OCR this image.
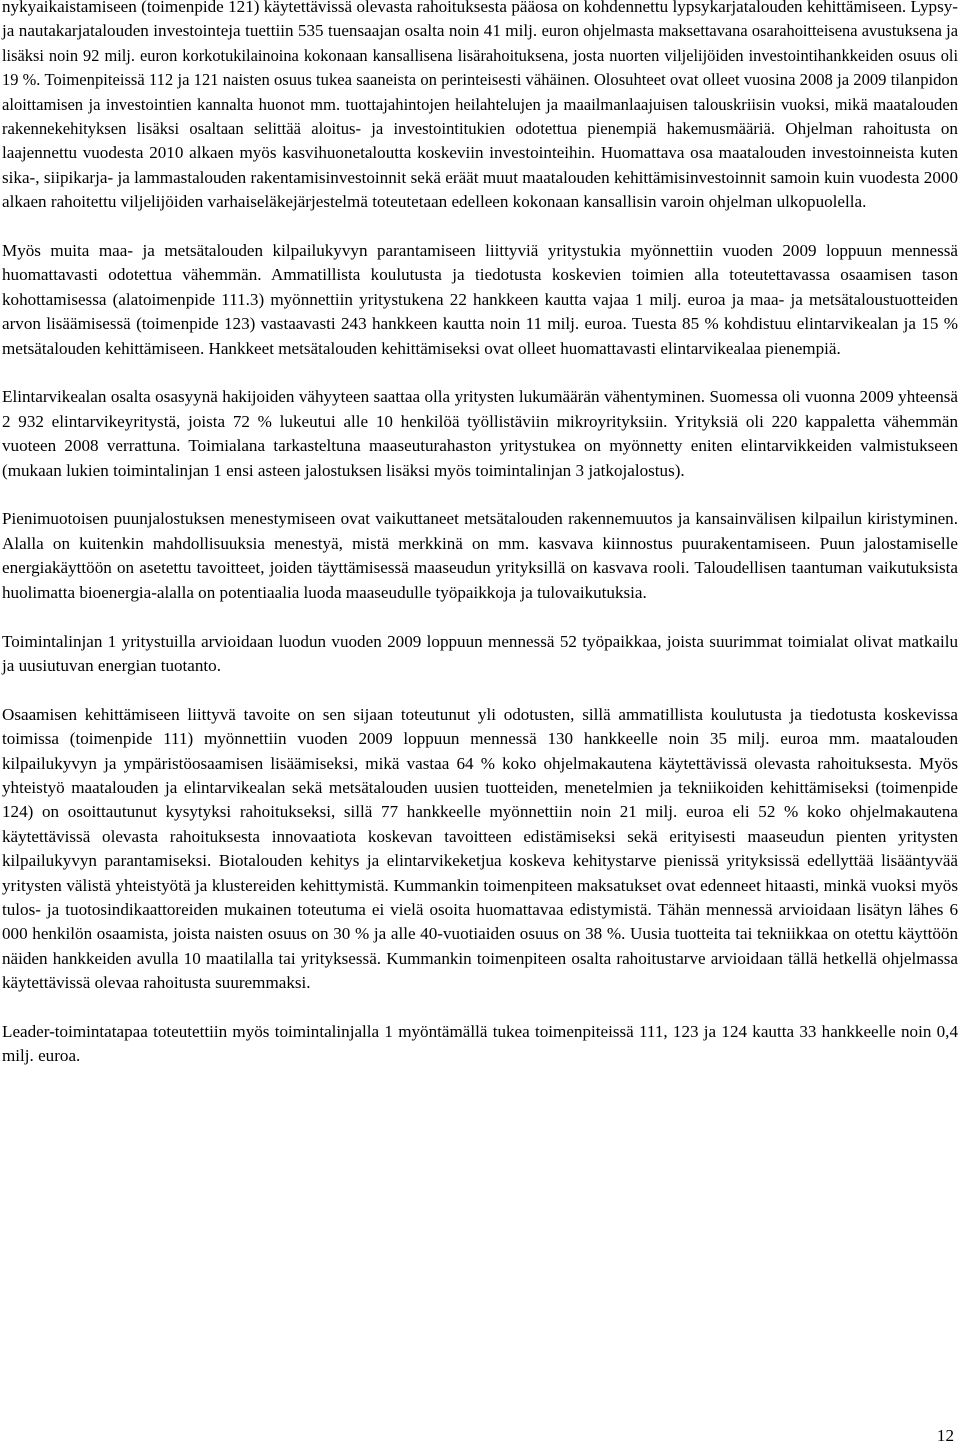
nykyaikaistamiseen (toimenpide 121) käytettävissä olevasta rahoituksesta pääosa on kohdennettu lypsykarjatalouden kehittämiseen. Lypsy- ja nautakarjatalouden investointeja tuettiin 535 tuensaajan osalta noin 41 milj. euron ohjelmasta maksettavana osarahoitteisena avustuksena ja lisäksi noin 92 milj. euron korkotukilainoina kokonaan kansallisena lisärahoituksena, josta nuorten viljelijöiden investointihankkeiden osuus oli 19 %. Toimenpiteissä 112 ja 121 naisten osuus tukea saaneista on perinteisesti vähäinen. Olosuhteet ovat olleet vuosina 2008 ja 2009 tilanpidon aloittamisen ja investointien kannalta huonot mm. tuottajahintojen heilahtelujen ja maailmanlaajuisen talouskriisin vuoksi, mikä maatalouden rakennekehityksen lisäksi osaltaan selittää aloitus- ja investointitukien odotettua pienempiä hakemusmääriä. Ohjelman rahoitusta on laajennettu vuodesta 2010 alkaen myös kasvihuonetaloutta koskeviin investointeihin. Huomattava osa maatalouden investoinneista kuten sika-, siipikarja- ja lammastalouden rakentamisinvestoinnit sekä eräät muut maatalouden kehittämisinvestoinnit samoin kuin vuodesta 2000 alkaen rahoitettu viljelijöiden varhaiseläkejärjestelmä toteutetaan edelleen kokonaan kansallisin varoin ohjelman ulkopuolella.

Myös muita maa- ja metsätalouden kilpailukyvyn parantamiseen liittyviä yritystukia myönnettiin vuoden 2009 loppuun mennessä huomattavasti odotettua vähemmän. Ammatillista koulutusta ja tiedotusta koskevien toimien alla toteutettavassa osaamisen tason kohottamisessa (alatoimenpide 111.3) myönnettiin yritystukena 22 hankkeen kautta vajaa 1 milj. euroa ja maa- ja metsätaloustuotteiden arvon lisäämisessä (toimenpide 123) vastaavasti 243 hankkeen kautta noin 11 milj. euroa. Tuesta 85 % kohdistuu elintarvikealan ja 15 % metsätalouden kehittämiseen. Hankkeet metsätalouden kehittämiseksi ovat olleet huomattavasti elintarvikealaa pienempiä.

Elintarvikealan osalta osasyynä hakijoiden vähyyteen saattaa olla yritysten lukumäärän vähentyminen. Suomessa oli vuonna 2009 yhteensä 2 932 elintarvikeyritystä, joista 72 % lukeutui alle 10 henkilöä työllistäviin mikroyrityksiin. Yrityksiä oli 220 kappaletta vähemmän vuoteen 2008 verrattuna. Toimialana tarkasteltuna maaseuturahaston yritystukea on myönnetty eniten elintarvikkeiden valmistukseen (mukaan lukien toimintalinjan 1 ensi asteen jalostuksen lisäksi myös toimintalinjan 3 jatkojalostus).

Pienimuotoisen puunjalostuksen menestymiseen ovat vaikuttaneet metsätalouden rakennemuutos ja kansainvälisen kilpailun kiristyminen. Alalla on kuitenkin mahdollisuuksia menestyä, mistä merkkinä on mm. kasvava kiinnostus puurakentamiseen. Puun jalostamiselle energiakäyttöön on asetettu tavoitteet, joiden täyttämisessä maaseudun yrityksillä on kasvava rooli. Taloudellisen taantuman vaikutuksista huolimatta bioenergia-alalla on potentiaalia luoda maaseudulle työpaikkoja ja tulovaikutuksia.

Toimintalinjan 1 yritystuilla arvioidaan luodun vuoden 2009 loppuun mennessä 52 työpaikkaa, joista suurimmat toimialat olivat matkailu ja uusiutuvan energian tuotanto.

Osaamisen kehittämiseen liittyvä tavoite on sen sijaan toteutunut yli odotusten, sillä ammatillista koulutusta ja tiedotusta koskevissa toimissa (toimenpide 111) myönnettiin vuoden 2009 loppuun mennessä 130 hankkeelle noin 35 milj. euroa mm. maatalouden kilpailukyvyn ja ympäristöosaamisen lisäämiseksi, mikä vastaa 64 % koko ohjelmakautena käytettävissä olevasta rahoituksesta. Myös yhteistyö maatalouden ja elintarvikealan sekä metsätalouden uusien tuotteiden, menetelmien ja tekniikoiden kehittämiseksi (toimenpide 124) on osoittautunut kysytyksi rahoitukseksi, sillä 77 hankkeelle myönnettiin noin 21 milj. euroa eli 52 % koko ohjelmakautena käytettävissä olevasta rahoituksesta innovaatiota koskevan tavoitteen edistämiseksi sekä erityisesti maaseudun pienten yritysten kilpailukyvyn parantamiseksi. Biotalouden kehitys ja elintarvikeketjua koskeva kehitystarve pienissä yrityksissä edellyttää lisääntyvää yritysten välistä yhteistyötä ja klustereiden kehittymistä. Kummankin toimenpiteen maksatukset ovat edenneet hitaasti, minkä vuoksi myös tulos- ja tuotosindikaattoreiden mukainen toteutuma ei vielä osoita huomattavaa edistymistä. Tähän mennessä arvioidaan lisätyn lähes 6 000 henkilön osaamista, joista naisten osuus on 30 % ja alle 40-vuotiaiden osuus on 38 %. Uusia tuotteita tai tekniikkaa on otettu käyttöön näiden hankkeiden avulla 10 maatilalla tai yrityksessä. Kummankin toimenpiteen osalta rahoitustarve arvioidaan tällä hetkellä ohjelmassa käytettävissä olevaa rahoitusta suuremmaksi.

Leader-toimintatapaa toteutettiin myös toimintalinjalla 1 myöntämällä tukea toimenpiteissä 111, 123 ja 124 kautta 33 hankkeelle noin 0,4 milj. euroa.

12
